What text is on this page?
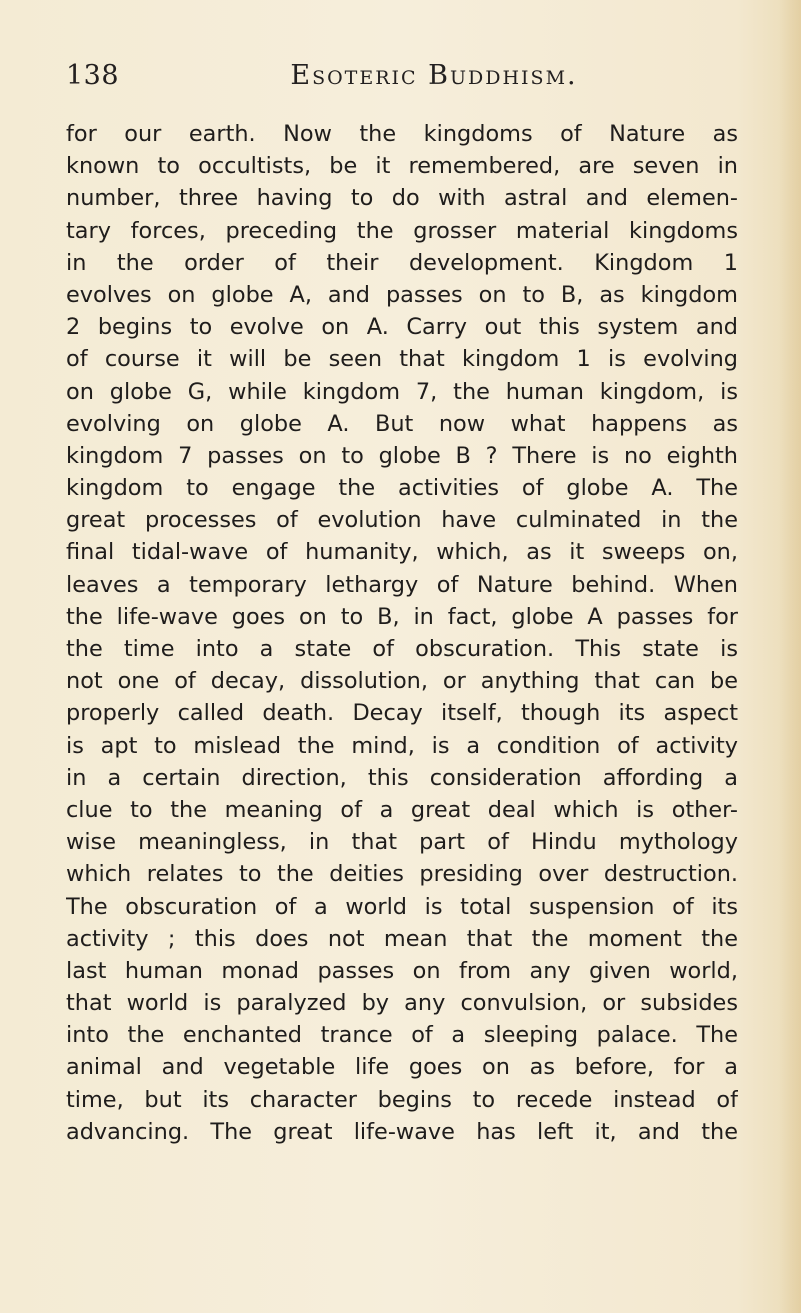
138	Esoteric Buddhism.
for our earth. Now the kingdoms of Nature as
known to occultists, be it remembered, are seven in
number, three having to do with astral and elemen-
tary forces, preceding the grosser material kingdoms
in the order of their development. Kingdom 1
evolves on globe A, and passes on to B, as kingdom
2 begins to evolve on A. Carry out this system and
of course it will be seen that kingdom 1 is evolving
on globe G, while kingdom 7, the human kingdom, is
evolving on globe A. But now what happens as
kingdom 7 passes on to globe B ? There is no eighth
kingdom to engage the activities of globe A. The
great processes of evolution have culminated in the
final tidal-wave of humanity, which, as it sweeps on,
leaves a temporary lethargy of Nature behind. When
the life-wave goes on to B, in fact, globe A passes for
the time into a state of obscuration. This state is
not one of decay, dissolution, or anything that can be
properly called death. Decay itself, though its aspect
is apt to mislead the mind, is a condition of activity
in a certain direction, this consideration affording a
clue to the meaning of a great deal which is other-
wise meaningless, in that part of Hindu mythology
which relates to the deities presiding over destruction.
The obscuration of a world is total suspension of its
activity ; this does not mean that the moment the
last human monad passes on from any given world,
that world is paralyzed by any convulsion, or subsides
into the enchanted trance of a sleeping palace. The
animal and vegetable life goes on as before, for a
time, but its character begins to recede instead of
advancing. The great life-wave has left it, and the
